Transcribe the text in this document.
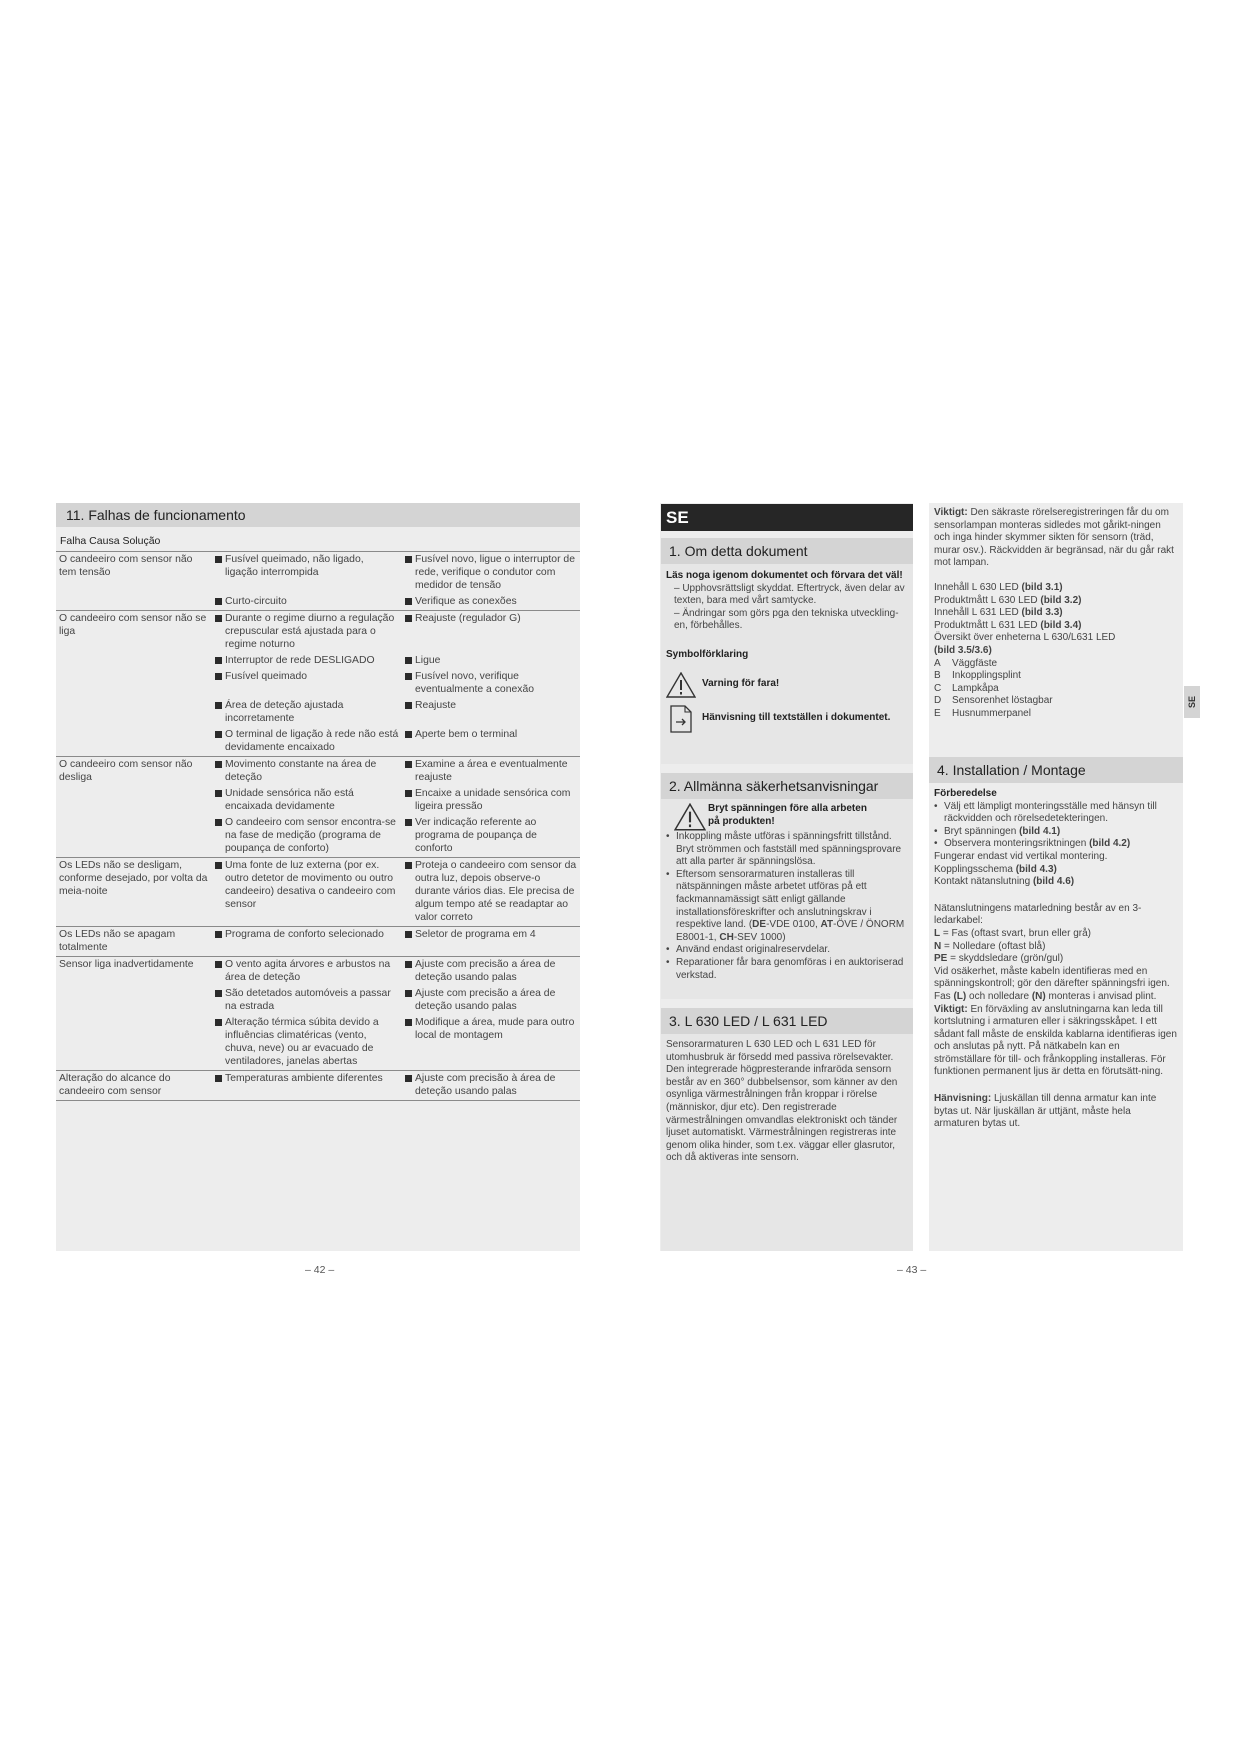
11. Falhas de funcionamento
Falha Causa Solução
O candeeiro com sensor não tem tensão	Fusível queimado, não ligado, ligação interrompida	Fusível novo, ligue o interruptor de rede, verifique o condutor com medidor de tensão

	Curto-circuito	Verifique as conexões

O candeeiro com sensor não se liga	Durante o regime diurno a regulação crepuscular está ajustada para o regime noturno	Reajuste (regulador G)

	Interruptor de rede DESLIGADO	Ligue

	Fusível queimado	Fusível novo, verifique eventualmente a conexão

	Área de deteção ajustada incorretamente	Reajuste

	O terminal de ligação à rede não está devidamente encaixado	Aperte bem o terminal

O candeeiro com sensor não desliga	Movimento constante na área de deteção	Examine a área e eventualmente reajuste

	Unidade sensórica não está encaixada devidamente	Encaixe a unidade sensórica com ligeira pressão

	O candeeiro com sensor encontra-se na fase de medição (programa de poupança de conforto)	Ver indicação referente ao programa de poupança de conforto

Os LEDs não se desligam, conforme desejado, por volta da meia-noite	Uma fonte de luz externa (por ex. outro detetor de movimento ou outro candeeiro) desativa o candeeiro com sensor	Proteja o candeeiro com sensor da outra luz, depois observe-o durante vários dias. Ele precisa de algum tempo até se readaptar ao valor correto

Os LEDs não se apagam totalmente	Programa de conforto selecionado	Seletor de programa em 4

Sensor liga inadvertidamente	O vento agita árvores e arbustos na área de deteção	Ajuste com precisão a área de deteção usando palas

	São detetados automóveis a passar na estrada	Ajuste com precisão a área de deteção usando palas

	Alteração térmica súbita devido a influências climatéricas (vento, chuva, neve) ou ar evacuado de ventiladores, janelas abertas	Modifique a área, mude para outro local de montagem

Alteração do alcance do candeeiro com sensor	Temperaturas ambiente diferentes	Ajuste com precisão à área de deteção usando palas
– 42 –
SE
1. Om detta dokument
Läs noga igenom dokumentet och förvara det väl!
– Upphovsrättsligt skyddat. Eftertryck, även delar av texten, bara med vårt samtycke.
– Ändringar som görs pga den tekniska utveckling-en, förbehålles.
Symbolförklaring
Varning för fara!
Hänvisning till textställen i dokumentet.
2. Allmänna säkerhetsanvisningar
Bryt spänningen före alla arbeten
på produkten!
• Inkoppling måste utföras i spänningsfritt tillstånd. Bryt strömmen och fastställ med spänningsprovare att alla parter är spänningslösa.
• Eftersom sensorarmaturen installeras till nätspänningen måste arbetet utföras på ett fackmannamässigt sätt enligt gällande installationsföreskrifter och anslutningskrav i respektive land. (DE-VDE 0100, AT-ÖVE / ÖNORM E8001-1, CH-SEV 1000)
• Använd endast originalreservdelar.
• Reparationer får bara genomföras i en auktoriserad verkstad.
3. L 630 LED / L 631 LED
Sensorarmaturen L 630 LED och L 631 LED för utomhusbruk är försedd med passiva rörelsevakter. Den integrerade högpresterande infraröda sensorn består av en 360° dubbelsensor, som känner av den osynliga värmestrålningen från kroppar i rörelse (människor, djur etc). Den registrerade värmestrålningen omvandlas elektroniskt och tänder ljuset automatiskt. Värmestrålningen registreras inte genom olika hinder, som t.ex. väggar eller glasrutor, och då aktiveras inte sensorn.
Viktigt: Den säkraste rörelseregistreringen får du om sensorlampan monteras sidledes mot gårikt-ningen och inga hinder skymmer sikten för sensorn (träd, murar osv.). Räckvidden är begränsad, när du går rakt mot lampan.
Innehåll L 630 LED (bild 3.1)
Produktmått L 630 LED (bild 3.2)
Innehåll L 631 LED (bild 3.3)
Produktmått L 631 LED (bild 3.4)
Översikt över enheterna L 630/L631 LED
(bild 3.5/3.6)
A	Väggfäste
B	Inkopplingsplint
C	Lampkåpa
D	Sensorenhet löstagbar
E	Husnummerpanel
4. Installation / Montage
Förberedelse
• Välj ett lämpligt monteringsställe med hänsyn till räckvidden och rörelsedetekteringen.
• Bryt spänningen (bild 4.1)
• Observera monteringsriktningen (bild 4.2)
Fungerar endast vid vertikal montering.
Kopplingsschema (bild 4.3)
Kontakt nätanslutning (bild 4.6)
Nätanslutningens matarledning består av en 3-ledarkabel:
L = Fas (oftast svart, brun eller grå)
N = Nolledare (oftast blå)
PE = skyddsledare (grön/gul)
Vid osäkerhet, måste kabeln identifieras med en spänningskontroll; gör den därefter spänningsfri igen. Fas (L) och nolledare (N) monteras i anvisad plint.
Viktigt: En förväxling av anslutningarna kan leda till kortslutning i armaturen eller i säkringsskåpet. I ett sådant fall måste de enskilda kablarna identifieras igen och anslutas på nytt. På nätkabeln kan en strömställare för till- och frånkoppling installeras. För funktionen permanent ljus är detta en förutsätt-ning.
Hänvisning: Ljuskällan till denna armatur kan inte bytas ut. När ljuskällan är uttjänt, måste hela armaturen bytas ut.
SE
– 43 –
